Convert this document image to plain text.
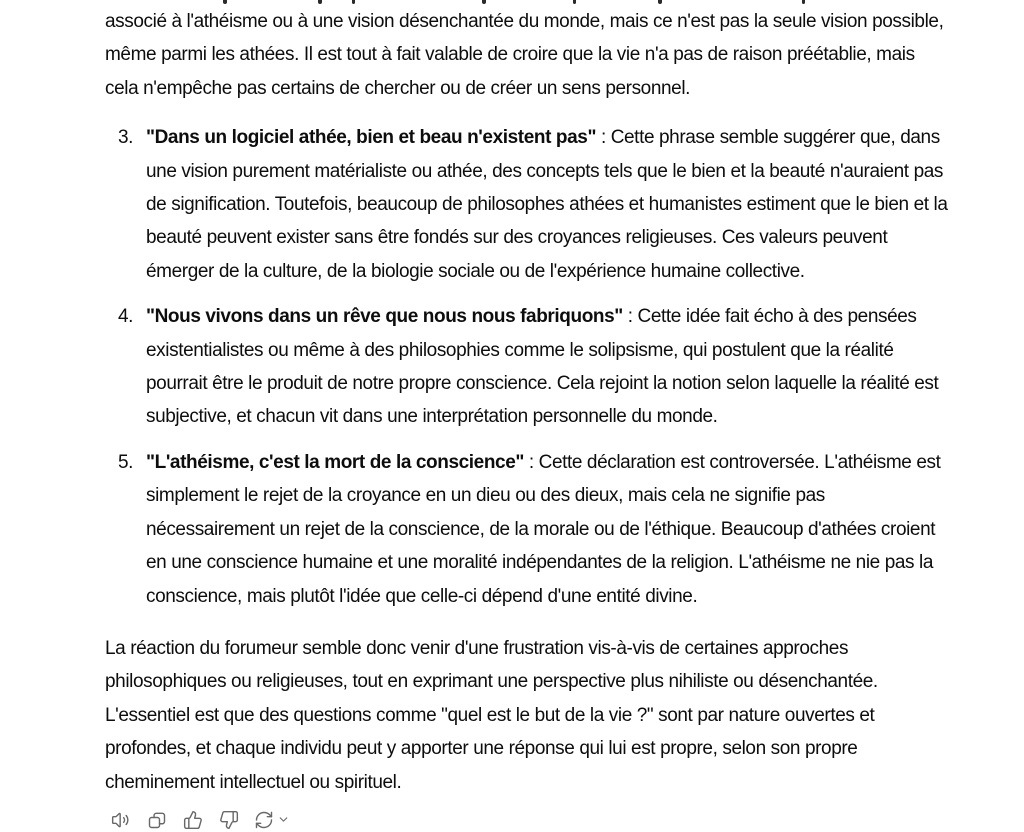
associé à l'athéisme ou à une vision désenchantée du monde, mais ce n'est pas la seule vision possible, même parmi les athées. Il est tout à fait valable de croire que la vie n'a pas de raison préétablie, mais cela n'empêche pas certains de chercher ou de créer un sens personnel.

3. "Dans un logiciel athée, bien et beau n'existent pas" : Cette phrase semble suggérer que, dans une vision purement matérialiste ou athée, des concepts tels que le bien et la beauté n'auraient pas de signification. Toutefois, beaucoup de philosophes athées et humanistes estiment que le bien et la beauté peuvent exister sans être fondés sur des croyances religieuses. Ces valeurs peuvent émerger de la culture, de la biologie sociale ou de l'expérience humaine collective.
4. "Nous vivons dans un rêve que nous nous fabriquons" : Cette idée fait écho à des pensées existentialistes ou même à des philosophies comme le solipsisme, qui postulent que la réalité pourrait être le produit de notre propre conscience. Cela rejoint la notion selon laquelle la réalité est subjective, et chacun vit dans une interprétation personnelle du monde.
5. "L'athéisme, c'est la mort de la conscience" : Cette déclaration est controversée. L'athéisme est simplement le rejet de la croyance en un dieu ou des dieux, mais cela ne signifie pas nécessairement un rejet de la conscience, de la morale ou de l'éthique. Beaucoup d'athées croient en une conscience humaine et une moralité indépendantes de la religion. L'athéisme ne nie pas la conscience, mais plutôt l'idée que celle-ci dépend d'une entité divine.

La réaction du forumeur semble donc venir d'une frustration vis-à-vis de certaines approches philosophiques ou religieuses, tout en exprimant une perspective plus nihiliste ou désenchantée. L'essentiel est que des questions comme "quel est le but de la vie ?" sont par nature ouvertes et profondes, et chaque individu peut y apporter une réponse qui lui est propre, selon son propre cheminement intellectuel ou spirituel.
